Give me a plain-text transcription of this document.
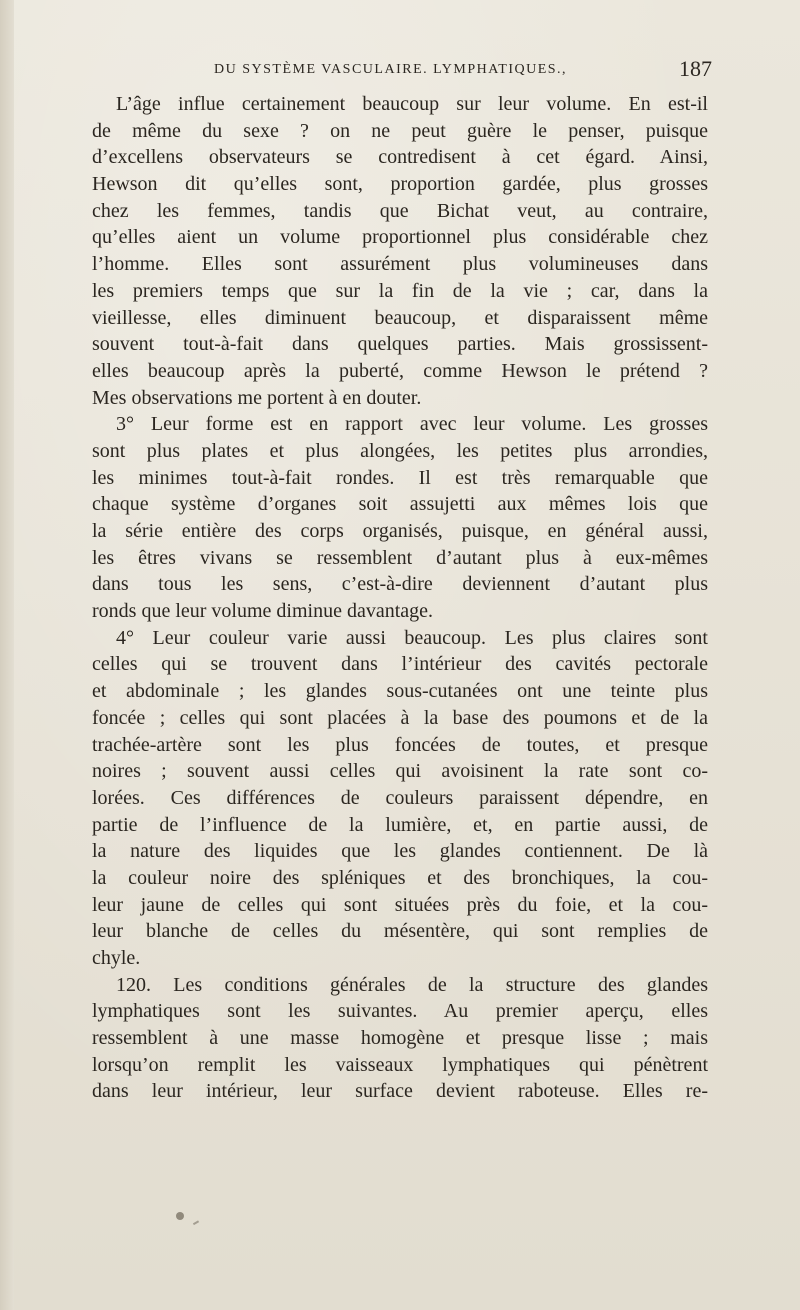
DU SYSTÈME VASCULAIRE. LYMPHATIQUES.,	187
L’âge influe certainement beaucoup sur leur volume. En est-il
de même du sexe ? on ne peut guère le penser, puisque
d’excellens observateurs se contredisent à cet égard. Ainsi,
Hewson dit qu’elles sont, proportion gardée, plus grosses
chez les femmes, tandis que Bichat veut, au contraire,
qu’elles aient un volume proportionnel plus considérable chez
l’homme. Elles sont assurément plus volumineuses dans
les premiers temps que sur la fin de la vie ; car, dans la
vieillesse, elles diminuent beaucoup, et disparaissent même
souvent tout-à-fait dans quelques parties. Mais grossissent-
elles beaucoup après la puberté, comme Hewson le prétend ?
Mes observations me portent à en douter.
3° Leur forme est en rapport avec leur volume. Les grosses
sont plus plates et plus alongées, les petites plus arrondies,
les minimes tout-à-fait rondes. Il est très remarquable que
chaque système d’organes soit assujetti aux mêmes lois que
la série entière des corps organisés, puisque, en général aussi,
les êtres vivans se ressemblent d’autant plus à eux-mêmes
dans tous les sens, c’est-à-dire deviennent d’autant plus
ronds que leur volume diminue davantage.
4° Leur couleur varie aussi beaucoup. Les plus claires sont
celles qui se trouvent dans l’intérieur des cavités pectorale
et abdominale ; les glandes sous-cutanées ont une teinte plus
foncée ; celles qui sont placées à la base des poumons et de la
trachée-artère sont les plus foncées de toutes, et presque
noires ; souvent aussi celles qui avoisinent la rate sont co-
lorées. Ces différences de couleurs paraissent dépendre, en
partie de l’influence de la lumière, et, en partie aussi, de
la nature des liquides que les glandes contiennent. De là
la couleur noire des spléniques et des bronchiques, la cou-
leur jaune de celles qui sont situées près du foie, et la cou-
leur blanche de celles du mésentère, qui sont remplies de
chyle.
120. Les conditions générales de la structure des glandes
lymphatiques sont les suivantes. Au premier aperçu, elles
ressemblent à une masse homogène et presque lisse ; mais
lorsqu’on remplit les vaisseaux lymphatiques qui pénètrent
dans leur intérieur, leur surface devient raboteuse. Elles re-
